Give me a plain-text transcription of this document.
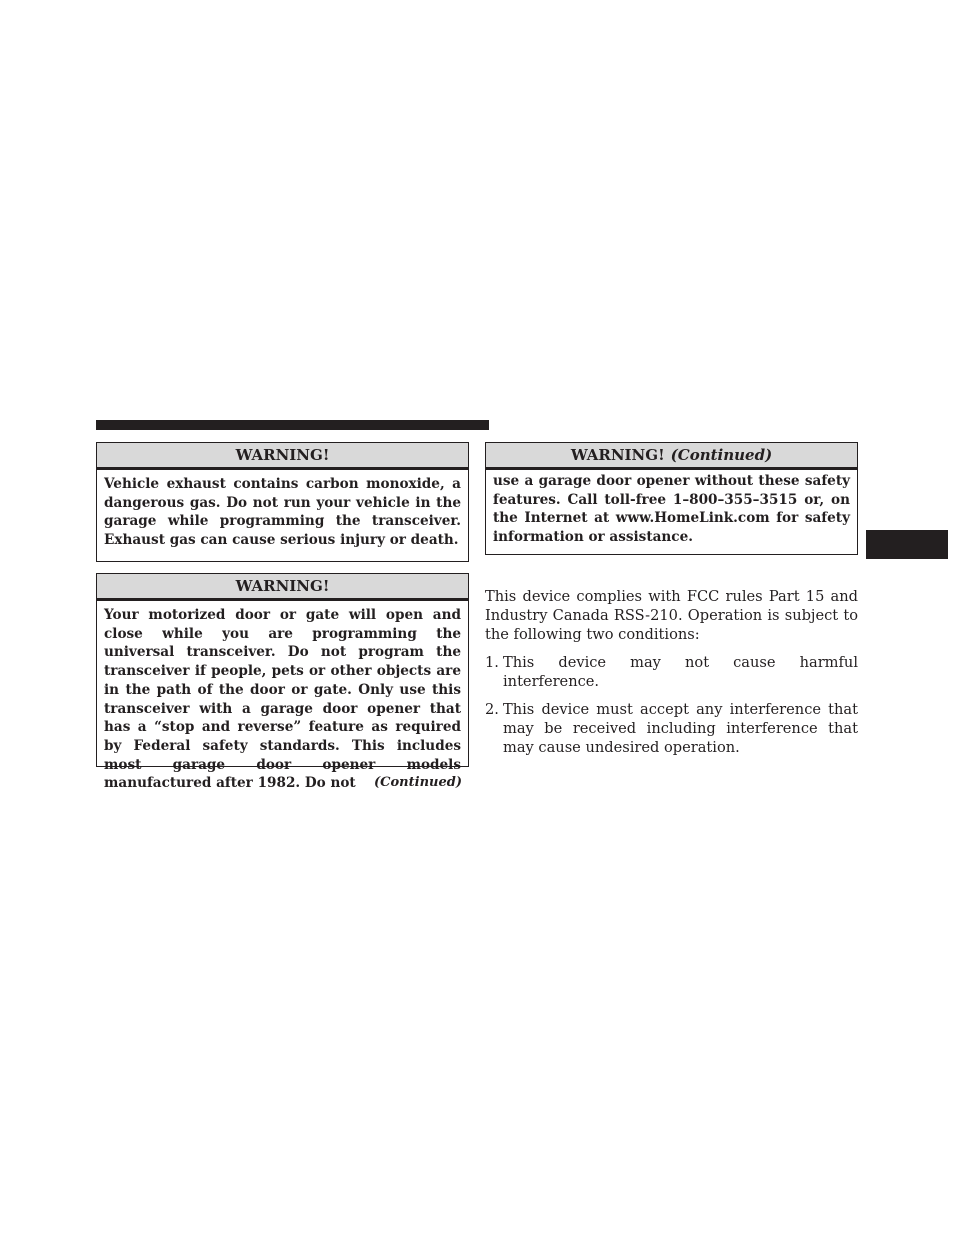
WARNING!
Vehicle exhaust contains carbon monoxide, a dangerous gas. Do not run your vehicle in the garage while programming the transceiver. Exhaust gas can cause serious injury or death.
WARNING!
Your motorized door or gate will open and close while you are programming the universal transceiver. Do not program the transceiver if people, pets or other objects are in the path of the door or gate. Only use this transceiver with a garage door opener that has a “stop and reverse” feature as required by Federal safety standards. This includes most garage door opener models manufactured after 1982. Do not	(Continued)
WARNING! (Continued)
use a garage door opener without these safety features. Call toll-free 1–800–355–3515 or, on the Internet at www.HomeLink.com for safety information or assistance.

This device complies with FCC rules Part 15 and Industry Canada RSS-210. Operation is subject to the following two conditions:

1. This device may not cause harmful interference.
2. This device must accept any interference that may be received including interference that may cause undesired operation.
